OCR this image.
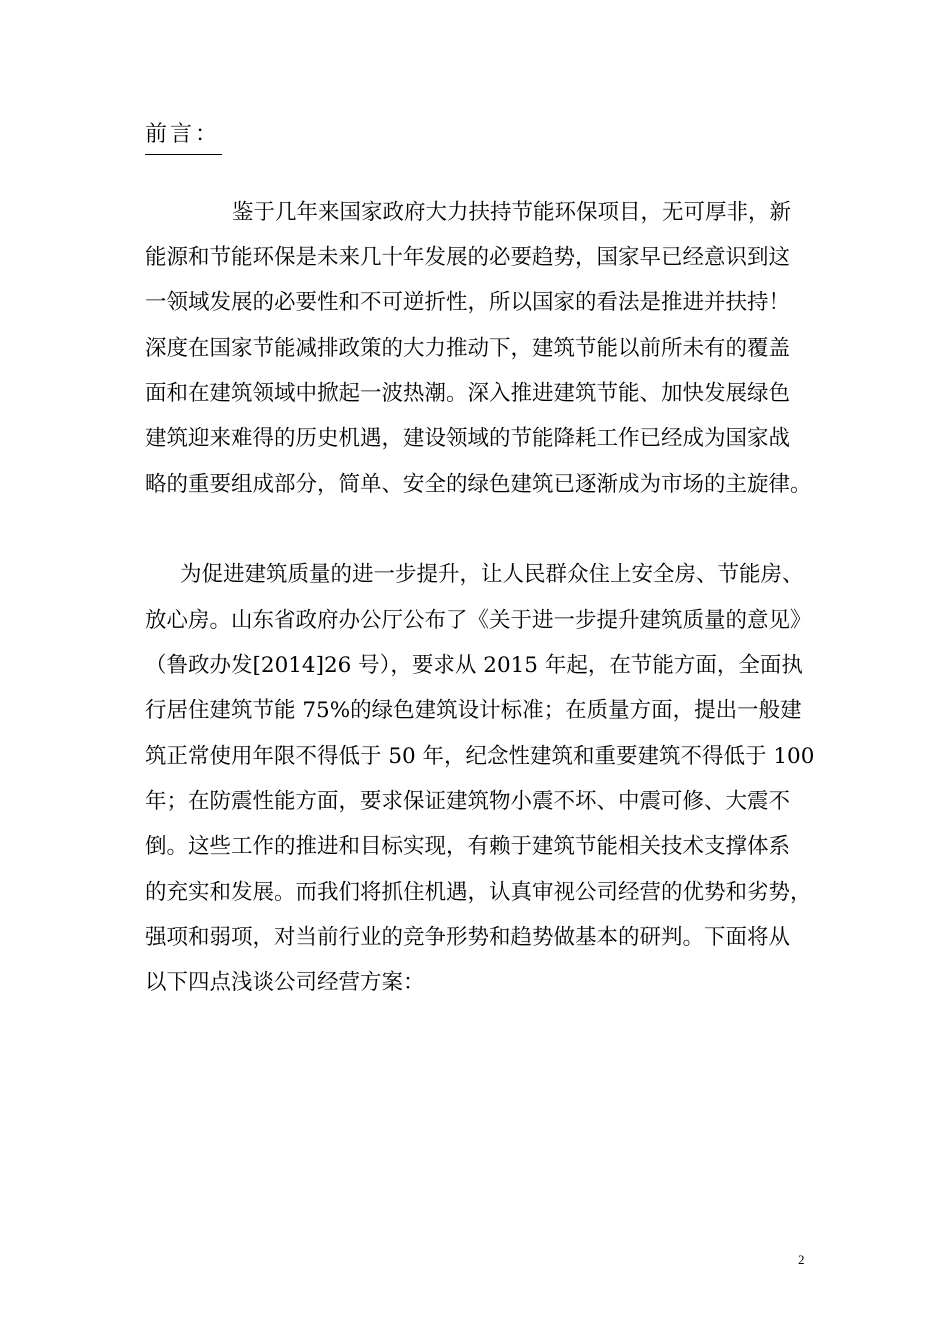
前言：
鉴于几年来国家政府大力扶持节能环保项目，无可厚非，新
能源和节能环保是未来几十年发展的必要趋势，国家早已经意识到这
一领域发展的必要性和不可逆折性，所以国家的看法是推进并扶持！
深度在国家节能减排政策的大力推动下，建筑节能以前所未有的覆盖
面和在建筑领域中掀起一波热潮。深入推进建筑节能、加快发展绿色
建筑迎来难得的历史机遇，建设领域的节能降耗工作已经成为国家战
略的重要组成部分，简单、安全的绿色建筑已逐渐成为市场的主旋律。
为促进建筑质量的进一步提升，让人民群众住上安全房、节能房、
放心房。山东省政府办公厅公布了《关于进一步提升建筑质量的意见》
（鲁政办发[2014]26 号），要求从 2015 年起，在节能方面，全面执
行居住建筑节能 75%的绿色建筑设计标准；在质量方面，提出一般建
筑正常使用年限不得低于 50 年，纪念性建筑和重要建筑不得低于 100
年；在防震性能方面，要求保证建筑物小震不坏、中震可修、大震不
倒。这些工作的推进和目标实现，有赖于建筑节能相关技术支撑体系
的充实和发展。而我们将抓住机遇，认真审视公司经营的优势和劣势，
强项和弱项，对当前行业的竞争形势和趋势做基本的研判。下面将从
以下四点浅谈公司经营方案：
2
